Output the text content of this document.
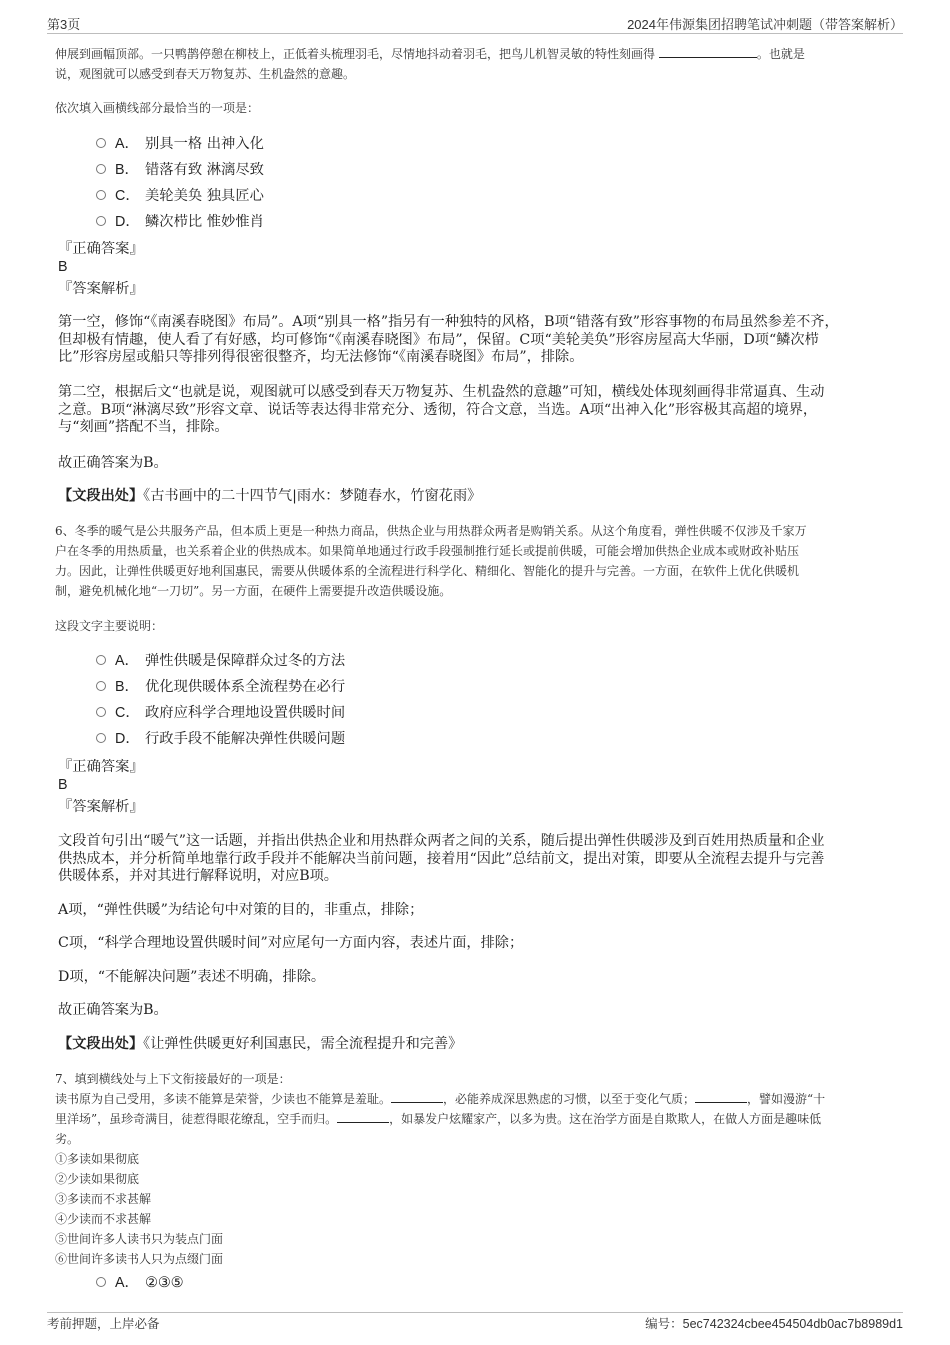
第3页	2024年伟源集团招聘笔试冲刺题（带答案解析）
伸展到画幅顶部。一只鸭鹊停憩在柳枝上，正低着头梳理羽毛，尽情地抖动着羽毛，把鸟儿机智灵敏的特性刻画得	。也就是
说，观图就可以感受到春天万物复苏、生机盎然的意趣。
依次填入画横线部分最恰当的一项是：
A． 别具一格 出神入化
B． 错落有致 淋漓尽致
C． 美轮美奂 独具匠心
D． 鳞次栉比 惟妙惟肖
『正确答案』
B
『答案解析』
第一空，修饰“《南溪春晓图》布局”。A项“别具一格”指另有一种独特的风格，B项“错落有致”形容事物的布局虽然参差不齐，
但却极有情趣，使人看了有好感，均可修饰“《南溪春晓图》布局”，保留。C项“美轮美奂”形容房屋高大华丽，D项“鳞次栉
比”形容房屋或船只等排列得很密很整齐，均无法修饰“《南溪春晓图》布局”，排除。
第二空，根据后文“也就是说，观图就可以感受到春天万物复苏、生机盎然的意趣”可知，横线处体现刻画得非常逼真、生动
之意。B项“淋漓尽致”形容文章、说话等表达得非常充分、透彻，符合文意，当选。A项“出神入化”形容极其高超的境界，
与“刻画”搭配不当，排除。
故正确答案为B。
【文段出处】《古书画中的二十四节气|雨水：梦随春水，竹窗花雨》
6、冬季的暖气是公共服务产品，但本质上更是一种热力商品，供热企业与用热群众两者是购销关系。从这个角度看，弹性供暖不仅涉及千家万
户在冬季的用热质量，也关系着企业的供热成本。如果简单地通过行政手段强制推行延长或提前供暖，可能会增加供热企业成本或财政补贴压
力。因此，让弹性供暖更好地利国惠民，需要从供暖体系的全流程进行科学化、精细化、智能化的提升与完善。一方面，在软件上优化供暖机
制，避免机械化地“一刀切”。另一方面，在硬件上需要提升改造供暖设施。
这段文字主要说明：
A． 弹性供暖是保障群众过冬的方法
B． 优化现供暖体系全流程势在必行
C． 政府应科学合理地设置供暖时间
D． 行政手段不能解决弹性供暖问题
『正确答案』
B
『答案解析』
文段首句引出“暖气”这一话题，并指出供热企业和用热群众两者之间的关系，随后提出弹性供暖涉及到百姓用热质量和企业
供热成本，并分析简单地靠行政手段并不能解决当前问题，接着用“因此”总结前文，提出对策，即要从全流程去提升与完善
供暖体系，并对其进行解释说明，对应B项。
A项，“弹性供暖”为结论句中对策的目的，非重点，排除；
C项，“科学合理地设置供暖时间”对应尾句一方面内容，表述片面，排除；
D项，“不能解决问题”表述不明确，排除。
故正确答案为B。
【文段出处】《让弹性供暖更好利国惠民，需全流程提升和完善》
7、填到横线处与上下文衔接最好的一项是：
读书原为自己受用，多读不能算是荣誉，少读也不能算是羞耻。	，必能养成深思熟虑的习惯，以至于变化气质；	，譬如漫游“十
里洋场”，虽珍奇满目，徒惹得眼花缭乱，空手而归。	，如暴发户炫耀家产，以多为贵。这在治学方面是自欺欺人，在做人方面是趣味低
劣。
①多读如果彻底
②少读如果彻底
③多读而不求甚解
④少读而不求甚解
⑤世间许多人读书只为装点门面
⑥世间许多读书人只为点缀门面
A． ②③⑤
考前押题，上岸必备	编号：5ec742324cbee454504db0ac7b8989d1
